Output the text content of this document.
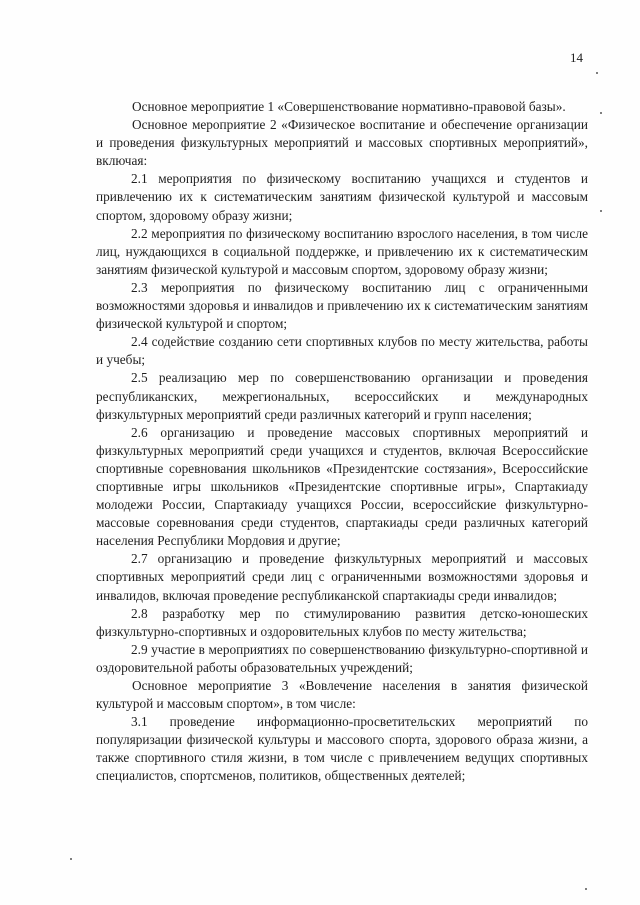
14

Основное мероприятие 1 «Совершенствование нормативно-правовой базы».

Основное мероприятие 2 «Физическое воспитание и обеспечение организации и проведения физкультурных мероприятий и массовых спортивных мероприятий», включая:

2.1 мероприятия по физическому воспитанию учащихся и студентов и привлечению их к систематическим занятиям физической культурой и массовым спортом, здоровому образу жизни;

2.2 мероприятия по физическому воспитанию взрослого населения, в том числе лиц, нуждающихся в социальной поддержке, и привлечению их к систематическим занятиям физической культурой и массовым спортом, здоровому образу жизни;

2.3 мероприятия по физическому воспитанию лиц с ограниченными возможностями здоровья и инвалидов и привлечению их к систематическим занятиям физической культурой и спортом;

2.4 содействие созданию сети спортивных клубов по месту жительства, работы и учебы;

2.5 реализацию мер по совершенствованию организации и проведения республиканских, межрегиональных, всероссийских и международных физкультурных мероприятий среди различных категорий и групп населения;

2.6 организацию и проведение массовых спортивных мероприятий и физкультурных мероприятий среди учащихся и студентов, включая Всероссийские спортивные соревнования школьников «Президентские состязания», Всероссийские спортивные игры школьников «Президентские спортивные игры», Спартакиаду молодежи России, Спартакиаду учащихся России, всероссийские физкультурно-массовые соревнования среди студентов, спартакиады среди различных категорий населения Республики Мордовия и другие;

2.7 организацию и проведение физкультурных мероприятий и массовых спортивных мероприятий среди лиц с ограниченными возможностями здоровья и инвалидов, включая проведение республиканской спартакиады среди инвалидов;

2.8 разработку мер по стимулированию развития детско-юношеских физкультурно-спортивных и оздоровительных клубов по месту жительства;

2.9 участие в мероприятиях по совершенствованию физкультурно-спортивной и оздоровительной работы образовательных учреждений;

Основное мероприятие 3 «Вовлечение населения в занятия физической культурой и массовым спортом», в том числе:

3.1 проведение информационно-просветительских мероприятий по популяризации физической культуры и массового спорта, здорового образа жизни, а также спортивного стиля жизни, в том числе с привлечением ведущих спортивных специалистов, спортсменов, политиков, общественных деятелей;
